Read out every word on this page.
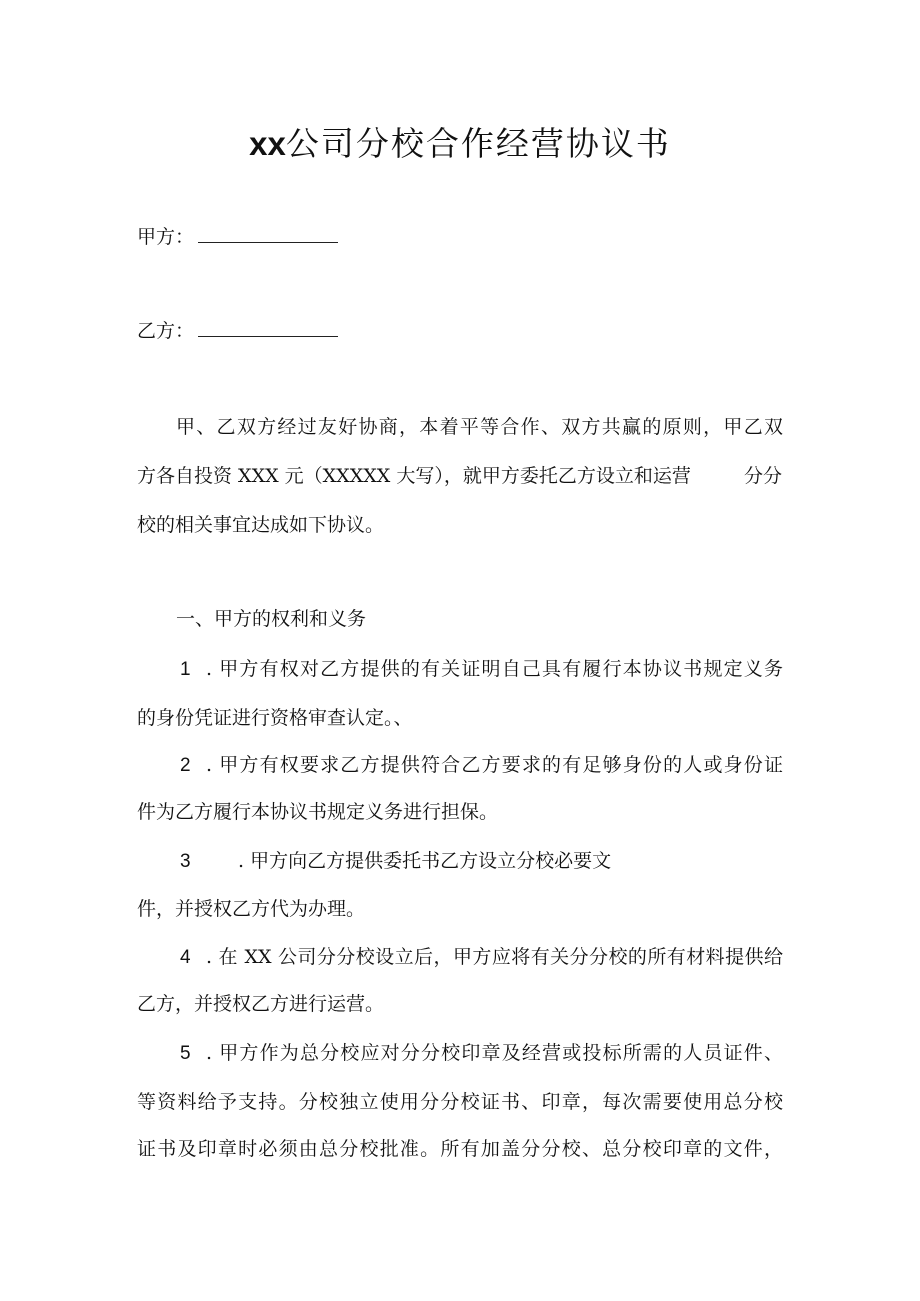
xx公司分校合作经营协议书
甲方：
乙方：
甲、乙双方经过友好协商，本着平等合作、双方共赢的原则，甲乙双
方各自投资 XXX 元（XXXXX 大写），就甲方委托乙方设立和运营	分分
校的相关事宜达成如下协议。
一、甲方的权利和义务
1 . 甲方有权对乙方提供的有关证明自己具有履行本协议书规定义务
的身份凭证进行资格审查认定。、
2 . 甲方有权要求乙方提供符合乙方要求的有足够身份的人或身份证
件为乙方履行本协议书规定义务进行担保。
3 . 甲方向乙方提供委托书乙方设立分校必要文
件，并授权乙方代为办理。
4 . 在 XX 公司分分校设立后，甲方应将有关分分校的所有材料提供给
乙方，并授权乙方进行运营。
5 . 甲方作为总分校应对分分校印章及经营或投标所需的人员证件、
等资料给予支持。分校独立使用分分校证书、印章，每次需要使用总分校
证书及印章时必须由总分校批准。所有加盖分分校、总分校印章的文件，
